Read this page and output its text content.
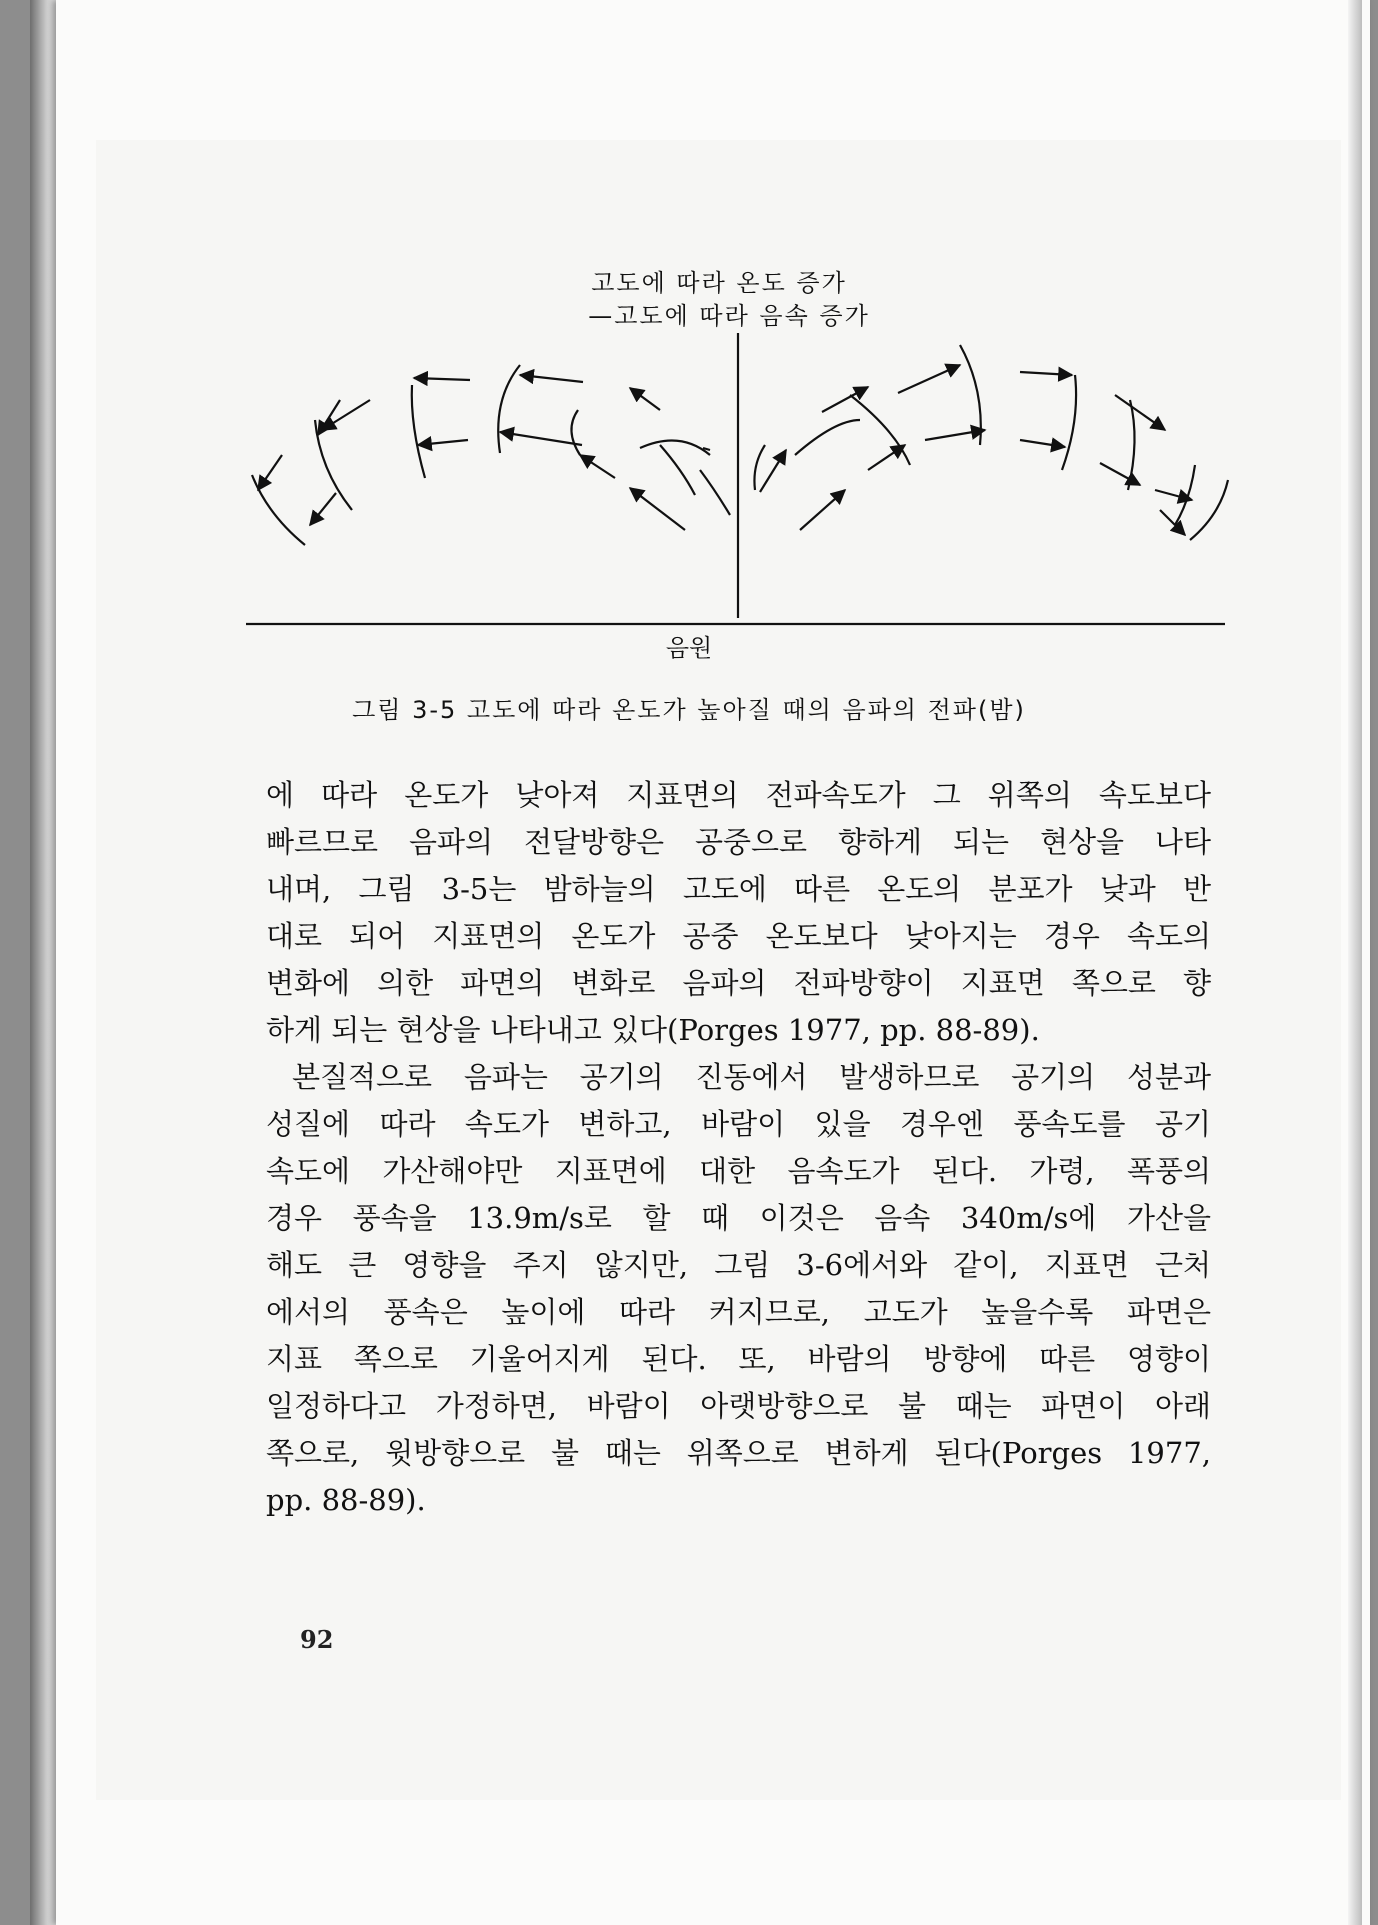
고도에 따라 온도 증가
—고도에 따라 음속 증가
음원
그림 3-5 고도에 따라 온도가 높아질 때의 음파의 전파(밤)

에 따라 온도가 낮아져 지표면의 전파속도가 그 위쪽의 속도보다

빠르므로 음파의 전달방향은 공중으로 향하게 되는 현상을 나타

내며, 그림 3-5는 밤하늘의 고도에 따른 온도의 분포가 낮과 반

대로 되어 지표면의 온도가 공중 온도보다 낮아지는 경우 속도의

변화에 의한 파면의 변화로 음파의 전파방향이 지표면 쪽으로 향

하게 되는 현상을 나타내고 있다(Porges 1977, pp. 88-89).

본질적으로 음파는 공기의 진동에서 발생하므로 공기의 성분과

성질에 따라 속도가 변하고, 바람이 있을 경우엔 풍속도를 공기

속도에 가산해야만 지표면에 대한 음속도가 된다. 가령, 폭풍의

경우 풍속을 13.9m/s로 할 때 이것은 음속 340m/s에 가산을

해도 큰 영향을 주지 않지만, 그림 3-6에서와 같이, 지표면 근처

에서의 풍속은 높이에 따라 커지므로, 고도가 높을수록 파면은

지표 쪽으로 기울어지게 된다. 또, 바람의 방향에 따른 영향이

일정하다고 가정하면, 바람이 아랫방향으로 불 때는 파면이 아래

쪽으로, 윗방향으로 불 때는 위쪽으로 변하게 된다(Porges 1977,

pp. 88-89).

92
